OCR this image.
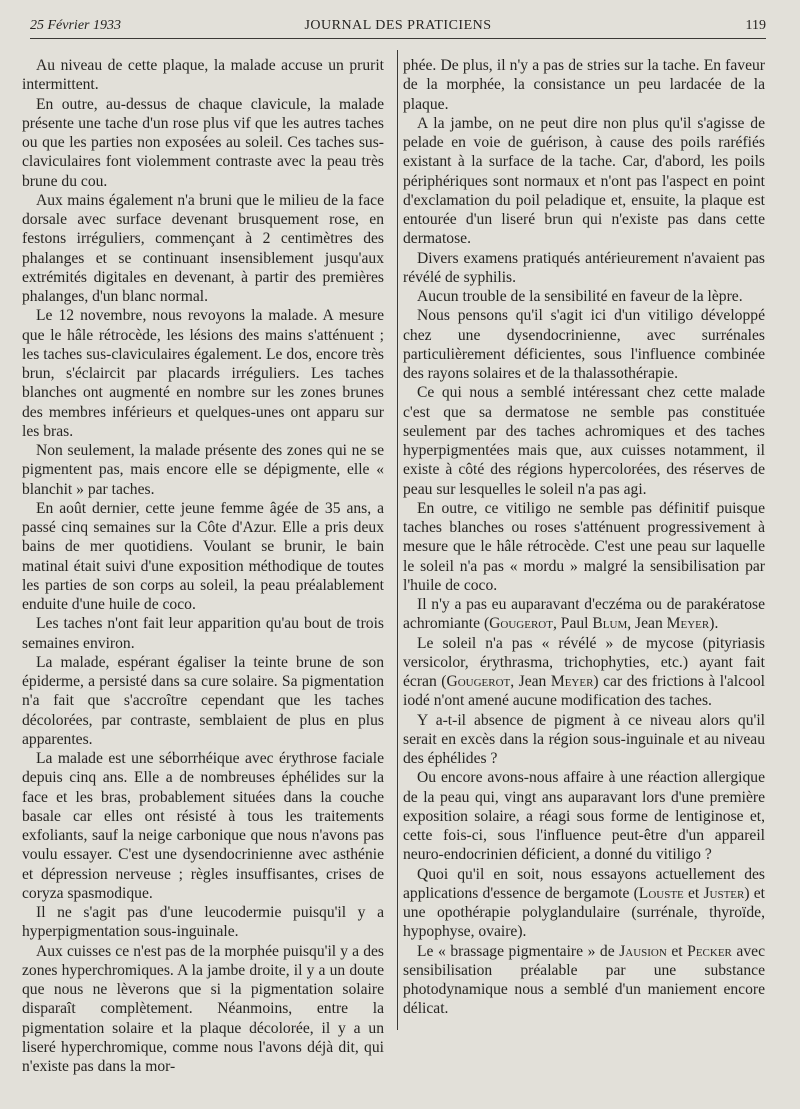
25 Février 1933	JOURNAL DES PRATICIENS	119

Au niveau de cette plaque, la malade accuse un prurit intermittent.

En outre, au-dessus de chaque clavicule, la malade présente une tache d'un rose plus vif que les autres taches ou que les parties non exposées au soleil. Ces taches sus-claviculaires font violemment contraste avec la peau très brune du cou.

Aux mains également n'a bruni que le milieu de la face dorsale avec surface devenant brusquement rose, en festons irréguliers, commençant à 2 centimètres des phalanges et se continuant insensiblement jusqu'aux extrémités digitales en devenant, à partir des premières phalanges, d'un blanc normal.

Le 12 novembre, nous revoyons la malade. A mesure que le hâle rétrocède, les lésions des mains s'atténuent ; les taches sus-claviculaires également. Le dos, encore très brun, s'éclaircit par placards irréguliers. Les taches blanches ont augmenté en nombre sur les zones brunes des membres inférieurs et quelques-unes ont apparu sur les bras.

Non seulement, la malade présente des zones qui ne se pigmentent pas, mais encore elle se dépigmente, elle « blanchit » par taches.

En août dernier, cette jeune femme âgée de 35 ans, a passé cinq semaines sur la Côte d'Azur. Elle a pris deux bains de mer quotidiens. Voulant se brunir, le bain matinal était suivi d'une exposition méthodique de toutes les parties de son corps au soleil, la peau préalablement enduite d'une huile de coco.

Les taches n'ont fait leur apparition qu'au bout de trois semaines environ.

La malade, espérant égaliser la teinte brune de son épiderme, a persisté dans sa cure solaire. Sa pigmentation n'a fait que s'accroître cependant que les taches décolorées, par contraste, semblaient de plus en plus apparentes.

La malade est une séborrhéique avec érythrose faciale depuis cinq ans. Elle a de nombreuses éphélides sur la face et les bras, probablement situées dans la couche basale car elles ont résisté à tous les traitements exfoliants, sauf la neige carbonique que nous n'avons pas voulu essayer. C'est une dysendocrinienne avec asthénie et dépression nerveuse ; règles insuffisantes, crises de coryza spasmodique.

Il ne s'agit pas d'une leucodermie puisqu'il y a hyperpigmentation sous-inguinale.

Aux cuisses ce n'est pas de la morphée puisqu'il y a des zones hyperchromiques. A la jambe droite, il y a un doute que nous ne lèverons que si la pigmentation solaire disparaît complètement. Néanmoins, entre la pigmentation solaire et la plaque décolorée, il y a un liseré hyperchromique, comme nous l'avons déjà dit, qui n'existe pas dans la mor-

phée. De plus, il n'y a pas de stries sur la tache. En faveur de la morphée, la consistance un peu lardacée de la plaque.

A la jambe, on ne peut dire non plus qu'il s'agisse de pelade en voie de guérison, à cause des poils raréfiés existant à la surface de la tache. Car, d'abord, les poils périphériques sont normaux et n'ont pas l'aspect en point d'exclamation du poil peladique et, ensuite, la plaque est entourée d'un liseré brun qui n'existe pas dans cette dermatose.

Divers examens pratiqués antérieurement n'avaient pas révélé de syphilis.

Aucun trouble de la sensibilité en faveur de la lèpre.

Nous pensons qu'il s'agit ici d'un vitiligo développé chez une dysendocrinienne, avec surrénales particulièrement déficientes, sous l'influence combinée des rayons solaires et de la thalassothérapie.

Ce qui nous a semblé intéressant chez cette malade c'est que sa dermatose ne semble pas constituée seulement par des taches achromiques et des taches hyperpigmentées mais que, aux cuisses notamment, il existe à côté des régions hypercolorées, des réserves de peau sur lesquelles le soleil n'a pas agi.

En outre, ce vitiligo ne semble pas définitif puisque taches blanches ou roses s'atténuent progressivement à mesure que le hâle rétrocède. C'est une peau sur laquelle le soleil n'a pas « mordu » malgré la sensibilisation par l'huile de coco.

Il n'y a pas eu auparavant d'eczéma ou de parakératose achromiante (Gougerot, Paul Blum, Jean Meyer).

Le soleil n'a pas « révélé » de mycose (pityriasis versicolor, érythrasma, trichophyties, etc.) ayant fait écran (Gougerot, Jean Meyer) car des frictions à l'alcool iodé n'ont amené aucune modification des taches.

Y a-t-il absence de pigment à ce niveau alors qu'il serait en excès dans la région sous-inguinale et au niveau des éphélides ?

Ou encore avons-nous affaire à une réaction allergique de la peau qui, vingt ans auparavant lors d'une première exposition solaire, a réagi sous forme de lentiginose et, cette fois-ci, sous l'influence peut-être d'un appareil neuro-endocrinien déficient, a donné du vitiligo ?

Quoi qu'il en soit, nous essayons actuellement des applications d'essence de bergamote (Louste et Juster) et une opothérapie polyglandulaire (surrénale, thyroïde, hypophyse, ovaire).

Le « brassage pigmentaire » de Jausion et Pecker avec sensibilisation préalable par une substance photodynamique nous a semblé d'un maniement encore délicat.
